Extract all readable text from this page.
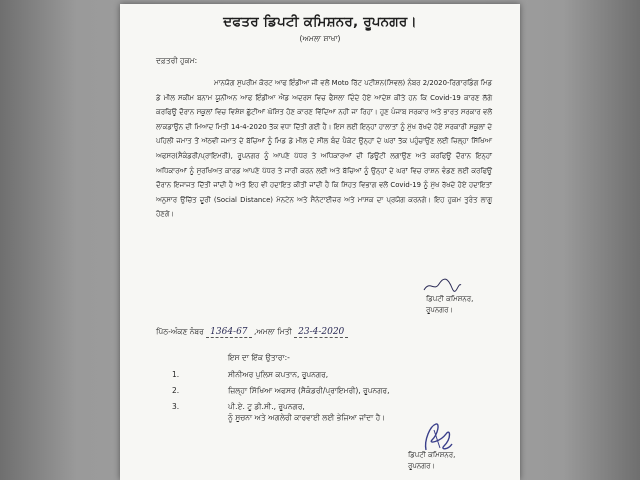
ਦਫਤਰ ਡਿਪਟੀ ਕਮਿਸ਼ਨਰ, ਰੂਪਨਗਰ।
(ਅਮਲਾ ਸ਼ਾਖਾ)
ਦਫ਼ਤਰੀ ਹੁਕਮ:
ਮਾਨਯੋਗ ਸੁਪਰੀਮ ਕੋਰਟ ਆਫ ਇੰਡੀਆ ਜੀ ਵਲੋਂ Moto ਰਿੱਟ ਪਟੀਸ਼ਨ(ਸਿਵਲ) ਨੰਬਰ 2/2020-ਰਿਗਾਰਡਿੰਗ ਮਿਡ ਡੇ ਮੀਲ ਸਕੀਮ ਬਨਾਮ ਯੂਨੀਅਨ ਆਫ ਇੰਡੀਆ ਐਂਡ ਅਦਰਸ ਵਿਚ ਫੈਸਲਾ ਦਿੰਦੇ ਹੋਏ ਆਦੇਸ਼ ਕੀਤੇ ਹਨ ਕਿ Covid-19 ਕਾਰਣ ਲੱਗੇ ਕਰਫਿਊ ਦੌਰਾਨ ਸਕੂਲਾਂ ਵਿਚ ਵਿਸ਼ੇਸ਼ ਛੁੱਟੀਆਂ ਘੋਸ਼ਿਤ ਹੋਣ ਕਾਰਣ ਵਿੱਦਿਆ ਨਹੀਂ ਜਾ ਰਿਹਾ। ਹੁਣ ਪੰਜਾਬ ਸਰਕਾਰ ਅਤੇ ਭਾਰਤ ਸਰਕਾਰ ਵਲੋਂ ਲਾਕਡਾਊਨ ਦੀ ਮਿਆਦ ਮਿਤੀ 14-4-2020 ਤੱਕ ਵਧਾ ਦਿੱਤੀ ਗਈ ਹੈ। ਇਸ ਲਈ ਇਨ੍ਹਾਂ ਹਾਲਾਤਾਂ ਨੂੰ ਮੁੱਖ ਰੱਖਦੇ ਹੋਏ ਸਰਕਾਰੀ ਸਕੂਲਾਂ ਦੇ ਪਹਿਲੀ ਜਮਾਤ ਤੋਂ ਅੱਠਵੀਂ ਜਮਾਤ ਦੇ ਬੱਚਿਆਂ ਨੂੰ ਮਿਡ ਡੇ ਮੀਲ ਦੇ ਸੀਲ ਬੰਦ ਪੈਕੇਟ ਉਨ੍ਹਾਂ ਦੇ ਘਰਾਂ ਤੱਕ ਪਹੁੰਚਾਉਣ ਲਈ ਜ਼ਿਲ੍ਹਾ ਸਿੱਖਿਆ ਅਫਸਰ(ਸੈਕੰਡਰੀ/ਪ੍ਰਾਇਮਰੀ), ਰੂਪਨਗਰ ਨੂੰ ਆਪਣੇ ਪੱਧਰ ਤੇ ਅਧਿਕਾਰਆਂ ਦੀ ਡਿਊਟੀ ਲਗਾਉਣ ਅਤੇ ਕਰਫਿਊ ਦੌਰਾਨ ਇਨ੍ਹਾਂ ਅਧਿਕਾਰਆਂ ਨੂੰ ਸੁਰਖਿਅਤ ਕਾਰਡ ਆਪਣੇ ਪੱਧਰ ਤੇ ਜਾਰੀ ਕਰਨ ਲਈ ਅਤੇ ਬੱਚਿਆਂ ਨੂੰ ਉਨ੍ਹਾਂ ਦੇ ਘਰਾਂ ਵਿਚ ਰਾਸ਼ਨ ਵੰਡਣ ਲਈ ਕਰਫਿਊ ਦੌਰਾਨ ਇਜਾਜਤ ਦਿੱਤੀ ਜਾਂਦੀ ਹੈ ਅਤੇ ਇਹ ਵੀ ਹਦਾਇਤ ਕੀਤੀ ਜਾਂਦੀ ਹੈ ਕਿ ਸਿਹਤ ਵਿਭਾਗ ਵਲੋਂ Covid-19 ਨੂੰ ਮੁੱਖ ਰੱਖਦੇ ਹੋਏ ਹਦਾਇਤਾਂ ਅਨੁਸਾਰ ਉਚਿੱਤ ਦੂਰੀ (Social Distance) ਮੇਨਟੇਨ ਅਤੇ ਸੈਨੇਟਾਈਜ਼ਰ ਅਤੇ ਮਾਸਕ ਦਾ ਪ੍ਰਯੋਗ ਕਰਨਗੇ। ਇਹ ਹੁਕਮ ਤੁਰੰਤ ਲਾਗੂ ਹੋਣਗੇ।
ਡਿਪਟੀ ਕਮਿਸ਼ਨਰ,
ਰੂਪਨਗਰ।
ਪਿੱਠ-ਅੰਕਣ ਨੰਬਰ 1364-67 ,ਅਮਲਾ ਮਿਤੀ 23-4-2020
ਇਸ ਦਾ ਇੱਕ ਉਤਾਰਾ:-
1.	ਸੀਨੀਅਰ ਪੁਲਿਸ ਕਪਤਾਨ, ਰੂਪਨਗਰ,
2.	ਜ਼ਿਲ੍ਹਾ ਸਿੱਖਿਆ ਅਫਸਰ (ਸੈਕੰਡਰੀ/ਪ੍ਰਾਇਮਰੀ), ਰੂਪਨਗਰ,
3.	ਪੀ.ਏ. ਟੂ ਡੀ.ਸੀ., ਰੂਪਨਗਰ,
ਨੂੰ ਸੂਚਨਾ ਅਤੇ ਅਗਲੇਰੀ ਕਾਰਵਾਈ ਲਈ ਭੇਜਿਆ ਜਾਂਦਾ ਹੈ।
ਡਿਪਟੀ ਕਮਿਸ਼ਨਰ,
ਰੂਪਨਗਰ।
